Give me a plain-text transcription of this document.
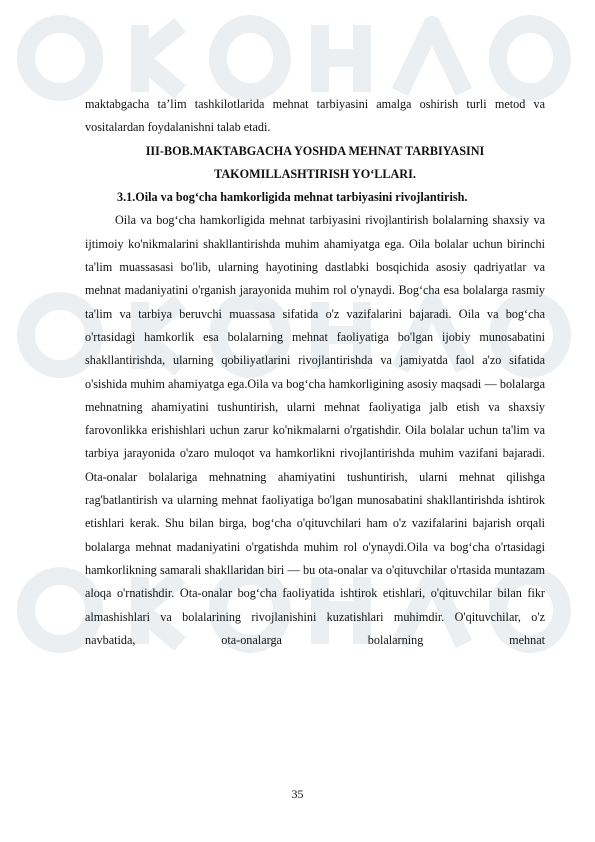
maktabgacha ta’lim tashkilotlarida mehnat tarbiyasini amalga oshirish turli metod va vositalardan foydalanishni talab etadi.

III-BOB.MAKTABGACHA YOSHDA MEHNAT TARBIYASINI

TAKOMILLASHTIRISH YO‘LLARI.

3.1.Oila va bog‘cha hamkorligida mehnat tarbiyasini rivojlantirish.

Oila va bog‘cha hamkorligida mehnat tarbiyasini rivojlantirish bolalarning shaxsiy va ijtimoiy ko'nikmalarini shakllantirishda muhim ahamiyatga ega. Oila bolalar uchun birinchi ta'lim muassasasi bo'lib, ularning hayotining dastlabki bosqichida asosiy qadriyatlar va mehnat madaniyatini o'rganish jarayonida muhim rol o'ynaydi. Bog‘cha esa bolalarga rasmiy ta'lim va tarbiya beruvchi muassasa sifatida o'z vazifalarini bajaradi. Oila va bog‘cha o'rtasidagi hamkorlik esa bolalarning mehnat faoliyatiga bo'lgan ijobiy munosabatini shakllantirishda, ularning qobiliyatlarini rivojlantirishda va jamiyatda faol a'zo sifatida o'sishida muhim ahamiyatga ega.Oila va bog‘cha hamkorligining asosiy maqsadi — bolalarga mehnatning ahamiyatini tushuntirish, ularni mehnat faoliyatiga jalb etish va shaxsiy farovonlikka erishishlari uchun zarur ko'nikmalarni o'rgatishdir. Oila bolalar uchun ta'lim va tarbiya jarayonida o'zaro muloqot va hamkorlikni rivojlantirishda muhim vazifani bajaradi. Ota-onalar bolalariga mehnatning ahamiyatini tushuntirish, ularni mehnat qilishga rag'batlantirish va ularning mehnat faoliyatiga bo'lgan munosabatini shakllantirishda ishtirok etishlari kerak. Shu bilan birga, bog‘cha o'qituvchilari ham o'z vazifalarini bajarish orqali bolalarga mehnat madaniyatini o'rgatishda muhim rol o'ynaydi.Oila va bog‘cha o'rtasidagi hamkorlikning samarali shakllaridan biri — bu ota-onalar va o'qituvchilar o'rtasida muntazam aloqa o'rnatishdir. Ota-onalar bog‘cha faoliyatida ishtirok etishlari, o'qituvchilar bilan fikr almashishlari va bolalarining rivojlanishini kuzatishlari muhimdir. O'qituvchilar, o'z navbatida, ota-onalarga bolalarning mehnat

35
